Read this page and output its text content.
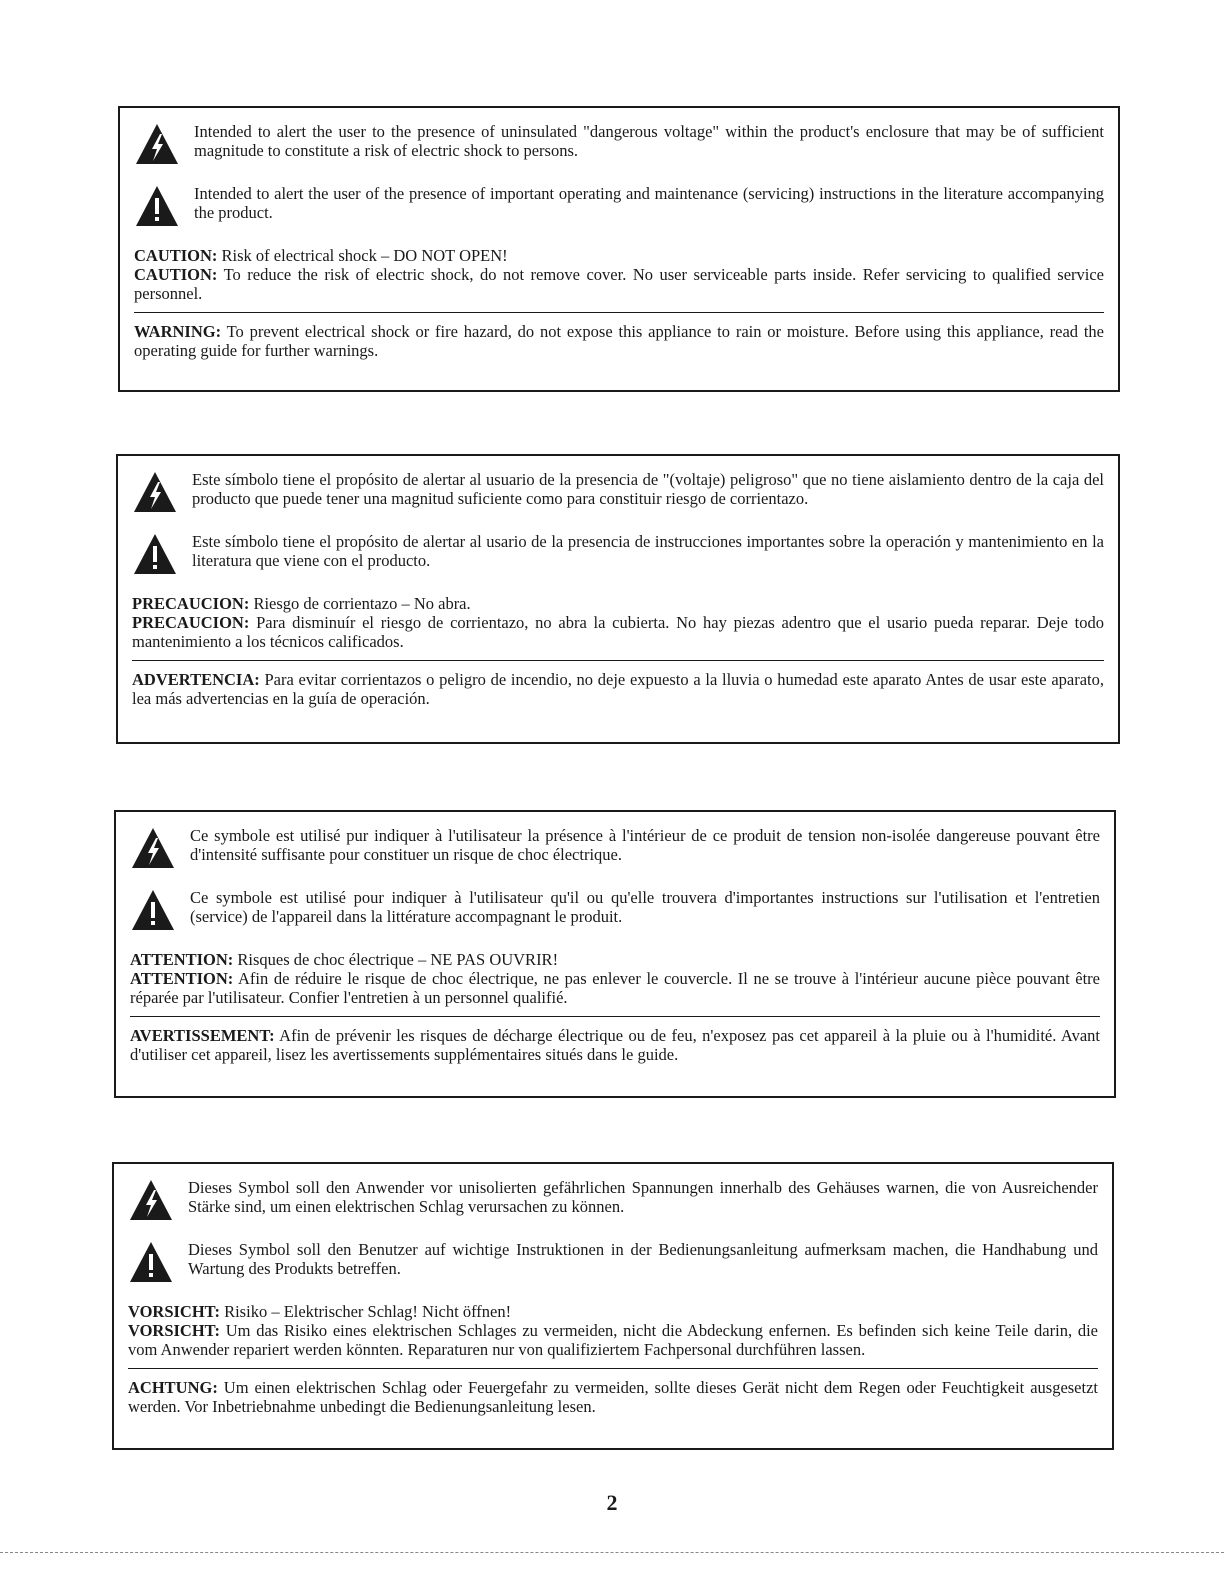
Intended to alert the user to the presence of uninsulated "dangerous voltage" within the product's enclosure that may be of sufficient magnitude to constitute a risk of electric shock to persons.
Intended to alert the user of the presence of important operating and maintenance (servicing) instructions in the literature accompanying the product.
CAUTION: Risk of electrical shock – DO NOT OPEN!
CAUTION: To reduce the risk of electric shock, do not remove cover. No user serviceable parts inside. Refer servicing to qualified service personnel.
WARNING: To prevent electrical shock or fire hazard, do not expose this appliance to rain or moisture. Before using this appliance, read the operating guide for further warnings.
Este símbolo tiene el propósito de alertar al usuario de la presencia de "(voltaje) peligroso" que no tiene aislamiento dentro de la caja del producto que puede tener una magnitud suficiente como para constituir riesgo de corrientazo.
Este símbolo tiene el propósito de alertar al usario de la presencia de instrucciones importantes sobre la operación y mantenimiento en la literatura que viene con el producto.
PRECAUCION: Riesgo de corrientazo – No abra.
PRECAUCION: Para disminuír el riesgo de corrientazo, no abra la cubierta. No hay piezas adentro que el usario pueda reparar. Deje todo mantenimiento a los técnicos calificados.
ADVERTENCIA: Para evitar corrientazos o peligro de incendio, no deje expuesto a la lluvia o humedad este aparato Antes de usar este aparato, lea más advertencias en la guía de operación.
Ce symbole est utilisé pur indiquer à l'utilisateur la présence à l'intérieur de ce produit de tension non-isolée dangereuse pouvant être d'intensité suffisante pour constituer un risque de choc électrique.
Ce symbole est utilisé pour indiquer à l'utilisateur qu'il ou qu'elle trouvera d'importantes instructions sur l'utilisation et l'entretien (service) de l'appareil dans la littérature accompagnant le produit.
ATTENTION: Risques de choc électrique – NE PAS OUVRIR!
ATTENTION: Afin de réduire le risque de choc électrique, ne pas enlever le couvercle. Il ne se trouve à l'intérieur aucune pièce pouvant être réparée par l'utilisateur. Confier l'entretien à un personnel qualifié.
AVERTISSEMENT: Afin de prévenir les risques de décharge électrique ou de feu, n'exposez pas cet appareil à la pluie ou à l'humidité. Avant d'utiliser cet appareil, lisez les avertissements supplémentaires situés dans le guide.
Dieses Symbol soll den Anwender vor unisolierten gefährlichen Spannungen innerhalb des Gehäuses warnen, die von Ausreichender Stärke sind, um einen elektrischen Schlag verursachen zu können.
Dieses Symbol soll den Benutzer auf wichtige Instruktionen in der Bedienungsanleitung aufmerksam machen, die Handhabung und Wartung des Produkts betreffen.
VORSICHT: Risiko – Elektrischer Schlag! Nicht öffnen!
VORSICHT: Um das Risiko eines elektrischen Schlages zu vermeiden, nicht die Abdeckung enfernen. Es befinden sich keine Teile darin, die vom Anwender repariert werden könnten. Reparaturen nur von qualifiziertem Fachpersonal durchführen lassen.
ACHTUNG: Um einen elektrischen Schlag oder Feuergefahr zu vermeiden, sollte dieses Gerät nicht dem Regen oder Feuchtigkeit ausgesetzt werden. Vor Inbetriebnahme unbedingt die Bedienungsanleitung lesen.
2
